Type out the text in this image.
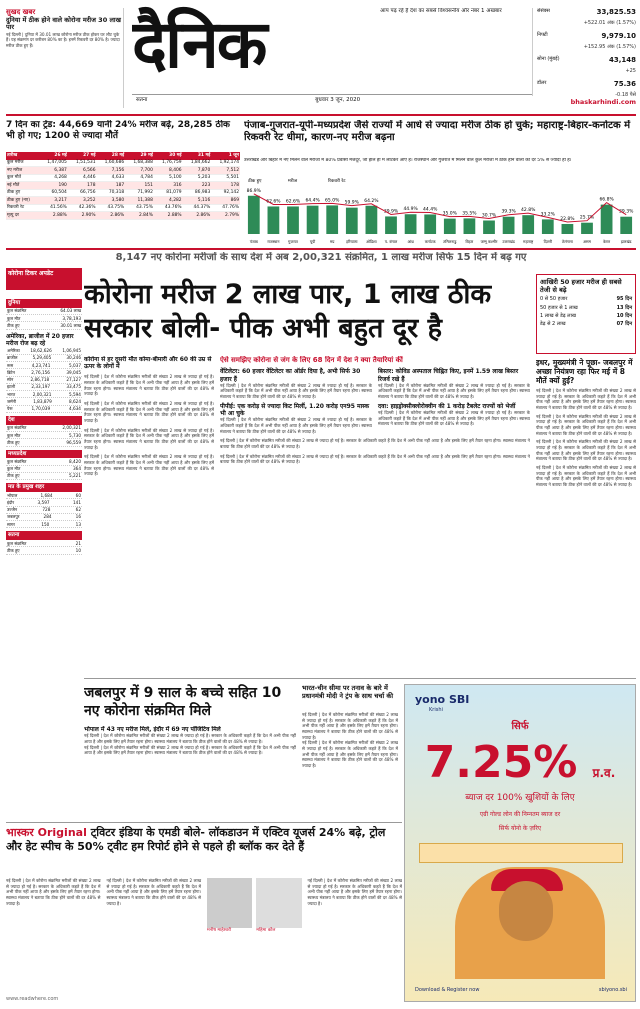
सुखद खबर
दुनिया में ठीक होने वाले कोरोना मरीज 30 लाख पार
नई दिल्ली | दुनिया में 30.01 लाख कोरोना मरीज ठीक होकर घर लौट चुके हैं। यह संक्रमण दर करीबन 80% का है। इनमें रिकवरी दर 80% है। ज्यादा मरीज ठीक हुए हैं।	दैनिक	आप पढ़ रहे हैं देश का सबसे विश्वसनीय और नंबर 1 अखबार
सतना	बुधवार 3 जून, 2020
सेंसेक्स	33,825.53
+522.01 अंक (1.57%)
निफ्टी	9,979.10
+152.95 अंक (1.57%)
सोना (मुंबई)	43,148
+25
डॉलर	75.36
-0.18 पैसे
bhaskarhindi.com
7 दिन का ट्रेंड: 44,669 यानी 24% मरीज बढ़े, 28,285 ठीक भी हो गए; 1200 से ज्यादा मौतें
तारीख	26 मई	27 मई	28 मई	29 मई	30 मई	31 मई	1 जून
कुल मरीज	1,47,005	1,51,531	1,60,686	1,68,388	1,76,759	1,84,662	1,92,174
नए मरीज	6,387	6,566	7,156	7,700	8,406	7,870	7,512
कुल मौतें	4,268	4,446	4,633	4,784	5,100	5,203	5,501
नई मौतें	190	178	187	151	316	223	178
ठीक हुए	60,504	66,756	70,318	71,992	81,079	86,983	92,142
ठीक हुए (नए)	3,217	3,252	3,580	11,388	4,282	5,116	869
रिकवरी रेट	41.56%	42.36%	43.75%	43.75%	43.76%	44.37%	47.76%
मृत्यु दर	2.88%	2.90%	2.86%	2.84%	2.88%	2.86%	2.79%
पंजाब-गुजरात-यूपी-मध्यप्रदेश जैसे राज्यों में आधे से ज्यादा मरीज ठीक हो चुके; महाराष्ट्र-बिहार-कर्नाटक में रिकवरी रेट धीमा, कारण-नए मरीज बढ़ना
उत्तराखंड और बिहार में नए मिलने वाले मरीजों में 80% प्रवासी मजदूर, जो हाल ही में लौटकर आए हैं। राजस्थान और गुजरात में मिलने वाले कुल मरीजों में ठीक होने वालों की दर 5% से ज्यादा ही है।
86.9%
पंजाब
62.6%
राजस्थान
62.6%
गुजरात
64.4%
यूपी
65.0%
मप्र
59.9%
हरियाणा
64.2%
ओडिशा
39.9%
प. बंगाल
44.9%
आंध्र
44.4%
कर्नाटक
35.0%
तमिलनाडु
35.5%
बिहार
30.7%
जम्मू कश्मीर
39.3%
उत्तराखंड
42.8%
महाराष्ट्र
33.2%
दिल्ली
22.8%
तेलंगाना
25.7%
असम
66.8%
केरल
39.3%
झारखंड
ठीक हुए	मरीज	रिकवरी रेट
8,147 नए कोरोना मरीजों के साथ देश में अब 2,00,321 संक्रमित, 1 लाख मरीज सिर्फ 15 दिन में बढ़ गए
कोरोना टिकर अपडेट
कोरोना मरीज 2 लाख पार, 1 लाख ठीक सरकार बोली- पीक अभी बहुत दूर है
आखिरी 50 हजार मरीज ही सबसे तेजी से बढ़े
0 से 50 हजार	95 दिन
50 हजार से 1 लाख	13 दिन
1 लाख से डेढ़ लाख	10 दिन
डेढ़ से 2 लाख	07 दिन
दुनिया
कुल संक्रमित	64.03 लाख
कुल मौत	3,78,193
ठीक हुए	30.01 लाख
अमेरिका, ब्राजील में 20 हजार मरीज रोज बढ़ रहे
अमेरिका	18,62,626	1,06,945
ब्राजील	5,29,405	30,246
रूस	4,23,741	5,037
ब्रिटेन	2,76,156	39,045
स्पेन	2,86,718	27,127
इटली	2,33,197	33,475
भारत	2,00,321	5,594
जर्मनी	1,83,879	8,624
पेरू	1,70,039	4,634
देश
कुल संक्रमित	2,00,321
कुल मौत	5,730
ठीक हुए	96,559
मध्यप्रदेश
कुल संक्रमित	8,420
कुल मौत	364
ठीक हुए	5,221
मप्र के प्रमुख शहर
भोपाल	1,684	60
इंदौर	3,597	141
उज्जैन	728	62
जबलपुर	284	16
सागर	150	13
सतना
कुल संक्रमित	21
ठीक हुए	10
कोरोना से हर दूसरी मौत कोमा-बीमारी और 60 की उम्र से ऊपर के लोगों में
नई दिल्ली | देश में कोरोना संक्रमित मरीजों की संख्या 2 लाख से ज्यादा हो गई है। सरकार के अधिकारी कहते हैं कि देश में अभी पीक नहीं आया है और इसके लिए हमें तैयार रहना होगा। स्वास्थ्य मंत्रालय ने बताया कि ठीक होने वालों की दर 48% से ज्यादा है।
नई दिल्ली | देश में कोरोना संक्रमित मरीजों की संख्या 2 लाख से ज्यादा हो गई है। सरकार के अधिकारी कहते हैं कि देश में अभी पीक नहीं आया है और इसके लिए हमें तैयार रहना होगा। स्वास्थ्य मंत्रालय ने बताया कि ठीक होने वालों की दर 48% से ज्यादा है।
नई दिल्ली | देश में कोरोना संक्रमित मरीजों की संख्या 2 लाख से ज्यादा हो गई है। सरकार के अधिकारी कहते हैं कि देश में अभी पीक नहीं आया है और इसके लिए हमें तैयार रहना होगा। स्वास्थ्य मंत्रालय ने बताया कि ठीक होने वालों की दर 48% से ज्यादा है।
नई दिल्ली | देश में कोरोना संक्रमित मरीजों की संख्या 2 लाख से ज्यादा हो गई है। सरकार के अधिकारी कहते हैं कि देश में अभी पीक नहीं आया है और इसके लिए हमें तैयार रहना होगा। स्वास्थ्य मंत्रालय ने बताया कि ठीक होने वालों की दर 48% से ज्यादा है।
ऐसे समझिए कोरोना से जंग के लिए 68 दिन में देश ने क्या तैयारियां कीं
वेंटिलेटर: 60 हजार वेंटिलेटर का ऑर्डर दिया है, अभी सिर्फ 30 हजार हैं
नई दिल्ली | देश में कोरोना संक्रमित मरीजों की संख्या 2 लाख से ज्यादा हो गई है। सरकार के अधिकारी कहते हैं कि देश में अभी पीक नहीं आया है और इसके लिए हमें तैयार रहना होगा। स्वास्थ्य मंत्रालय ने बताया कि ठीक होने वालों की दर 48% से ज्यादा है।
पीपीई: एक करोड़ से ज्यादा किट मिलीं, 1.20 करोड़ एन95 मास्क भी आ चुके
नई दिल्ली | देश में कोरोना संक्रमित मरीजों की संख्या 2 लाख से ज्यादा हो गई है। सरकार के अधिकारी कहते हैं कि देश में अभी पीक नहीं आया है और इसके लिए हमें तैयार रहना होगा। स्वास्थ्य मंत्रालय ने बताया कि ठीक होने वालों की दर 48% से ज्यादा है।
बिस्तर: कोविड अस्पताल चिह्नित किए, इनमें 1.59 लाख बिस्तर रिजर्व रखे हैं
नई दिल्ली | देश में कोरोना संक्रमित मरीजों की संख्या 2 लाख से ज्यादा हो गई है। सरकार के अधिकारी कहते हैं कि देश में अभी पीक नहीं आया है और इसके लिए हमें तैयार रहना होगा। स्वास्थ्य मंत्रालय ने बताया कि ठीक होने वालों की दर 48% से ज्यादा है।
दवा: हाइड्रोक्सीक्लोरोक्वीन की 1 करोड़ टैबलेट राज्यों को भेजीं
नई दिल्ली | देश में कोरोना संक्रमित मरीजों की संख्या 2 लाख से ज्यादा हो गई है। सरकार के अधिकारी कहते हैं कि देश में अभी पीक नहीं आया है और इसके लिए हमें तैयार रहना होगा। स्वास्थ्य मंत्रालय ने बताया कि ठीक होने वालों की दर 48% से ज्यादा है।
नई दिल्ली | देश में कोरोना संक्रमित मरीजों की संख्या 2 लाख से ज्यादा हो गई है। सरकार के अधिकारी कहते हैं कि देश में अभी पीक नहीं आया है और इसके लिए हमें तैयार रहना होगा। स्वास्थ्य मंत्रालय ने बताया कि ठीक होने वालों की दर 48% से ज्यादा है।
नई दिल्ली | देश में कोरोना संक्रमित मरीजों की संख्या 2 लाख से ज्यादा हो गई है। सरकार के अधिकारी कहते हैं कि देश में अभी पीक नहीं आया है और इसके लिए हमें तैयार रहना होगा। स्वास्थ्य मंत्रालय ने बताया कि ठीक होने वालों की दर 48% से ज्यादा है।
इधर, मुख्यमंत्री ने पूछा- जबलपुर में अच्छा नियंत्रण रहा फिर मई में 8 मौतें क्यों हुई?
नई दिल्ली | देश में कोरोना संक्रमित मरीजों की संख्या 2 लाख से ज्यादा हो गई है। सरकार के अधिकारी कहते हैं कि देश में अभी पीक नहीं आया है और इसके लिए हमें तैयार रहना होगा। स्वास्थ्य मंत्रालय ने बताया कि ठीक होने वालों की दर 48% से ज्यादा है।
नई दिल्ली | देश में कोरोना संक्रमित मरीजों की संख्या 2 लाख से ज्यादा हो गई है। सरकार के अधिकारी कहते हैं कि देश में अभी पीक नहीं आया है और इसके लिए हमें तैयार रहना होगा। स्वास्थ्य मंत्रालय ने बताया कि ठीक होने वालों की दर 48% से ज्यादा है।
नई दिल्ली | देश में कोरोना संक्रमित मरीजों की संख्या 2 लाख से ज्यादा हो गई है। सरकार के अधिकारी कहते हैं कि देश में अभी पीक नहीं आया है और इसके लिए हमें तैयार रहना होगा। स्वास्थ्य मंत्रालय ने बताया कि ठीक होने वालों की दर 48% से ज्यादा है।
नई दिल्ली | देश में कोरोना संक्रमित मरीजों की संख्या 2 लाख से ज्यादा हो गई है। सरकार के अधिकारी कहते हैं कि देश में अभी पीक नहीं आया है और इसके लिए हमें तैयार रहना होगा। स्वास्थ्य मंत्रालय ने बताया कि ठीक होने वालों की दर 48% से ज्यादा है।
जबलपुर में 9 साल के बच्चे सहित 10 नए कोरोना संक्रमित मिले
भोपाल में 43 नए मरीज मिले, इंदौर में 69 नए पॉजिटिव मिले
नई दिल्ली | देश में कोरोना संक्रमित मरीजों की संख्या 2 लाख से ज्यादा हो गई है। सरकार के अधिकारी कहते हैं कि देश में अभी पीक नहीं आया है और इसके लिए हमें तैयार रहना होगा। स्वास्थ्य मंत्रालय ने बताया कि ठीक होने वालों की दर 48% से ज्यादा है।
नई दिल्ली | देश में कोरोना संक्रमित मरीजों की संख्या 2 लाख से ज्यादा हो गई है। सरकार के अधिकारी कहते हैं कि देश में अभी पीक नहीं आया है और इसके लिए हमें तैयार रहना होगा। स्वास्थ्य मंत्रालय ने बताया कि ठीक होने वालों की दर 48% से ज्यादा है।
भारत-चीन सीमा पर तनाव के बारे में प्रधानमंत्री मोदी ने ट्रंप के साथ चर्चा की
नई दिल्ली | देश में कोरोना संक्रमित मरीजों की संख्या 2 लाख से ज्यादा हो गई है। सरकार के अधिकारी कहते हैं कि देश में अभी पीक नहीं आया है और इसके लिए हमें तैयार रहना होगा। स्वास्थ्य मंत्रालय ने बताया कि ठीक होने वालों की दर 48% से ज्यादा है।
नई दिल्ली | देश में कोरोना संक्रमित मरीजों की संख्या 2 लाख से ज्यादा हो गई है। सरकार के अधिकारी कहते हैं कि देश में अभी पीक नहीं आया है और इसके लिए हमें तैयार रहना होगा। स्वास्थ्य मंत्रालय ने बताया कि ठीक होने वालों की दर 48% से ज्यादा है।
yono SBI
Krishi
सिर्फ
7.25% प्र.व.
ब्याज दर 100% खुशियों के लिए
एग्री गोल्ड लोन की निम्नतम ब्याज दर
सिर्फ योनो के ज़रिए
Download & Register now	sbiyono.sbi
भास्कर Original ट्विटर इंडिया के एमडी बोले- लॉकडाउन में एक्टिव यूजर्स 24% बढ़े, ट्रोल और हेट स्पीच के 50% ट्वीट हम रिपोर्ट होने से पहले ही ब्लॉक कर देते हैं
नई दिल्ली | देश में कोरोना संक्रमित मरीजों की संख्या 2 लाख से ज्यादा हो गई है। सरकार के अधिकारी कहते हैं कि देश में अभी पीक नहीं आया है और इसके लिए हमें तैयार रहना होगा। स्वास्थ्य मंत्रालय ने बताया कि ठीक होने वालों की दर 48% से ज्यादा है।
नई दिल्ली | देश में कोरोना संक्रमित मरीजों की संख्या 2 लाख से ज्यादा हो गई है। सरकार के अधिकारी कहते हैं कि देश में अभी पीक नहीं आया है और इसके लिए हमें तैयार रहना होगा। स्वास्थ्य मंत्रालय ने बताया कि ठीक होने वालों की दर 48% से ज्यादा है।
मनीष माहेश्वरी	महिमा कौल
नई दिल्ली | देश में कोरोना संक्रमित मरीजों की संख्या 2 लाख से ज्यादा हो गई है। सरकार के अधिकारी कहते हैं कि देश में अभी पीक नहीं आया है और इसके लिए हमें तैयार रहना होगा। स्वास्थ्य मंत्रालय ने बताया कि ठीक होने वालों की दर 48% से ज्यादा है।
www.readwhere.com
